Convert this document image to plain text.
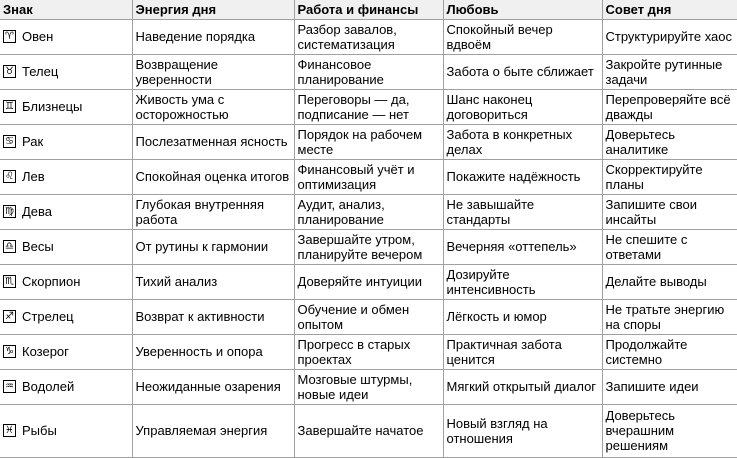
Знак	Энергия дня	Работа и финансы	Любовь	Совет дня
♈ Овен	Наведение порядка	Разбор завалов, систематизация	Спокойный вечер вдвоём	Структурируйте хаос
♉ Телец	Возвращение уверенности	Финансовое планирование	Забота о быте сближает	Закройте рутинные задачи
♊ Близнецы	Живость ума с осторожностью	Переговоры — да, подписание — нет	Шанс наконец договориться	Перепроверяйте всё дважды
♋ Рак	Послезатменная ясность	Порядок на рабочем месте	Забота в конкретных делах	Доверьтесь аналитике
♌ Лев	Спокойная оценка итогов	Финансовый учёт и оптимизация	Покажите надёжность	Скорректируйте планы
♍ Дева	Глубокая внутренняя работа	Аудит, анализ, планирование	Не завышайте стандарты	Запишите свои инсайты
♎ Весы	От рутины к гармонии	Завершайте утром, планируйте вечером	Вечерняя «оттепель»	Не спешите с ответами
♏ Скорпион	Тихий анализ	Доверяйте интуиции	Дозируйте интенсивность	Делайте выводы
♐ Стрелец	Возврат к активности	Обучение и обмен опытом	Лёгкость и юмор	Не тратьте энергию на споры
♑ Козерог	Уверенность и опора	Прогресс в старых проектах	Практичная забота ценится	Продолжайте системно
♒ Водолей	Неожиданные озарения	Мозговые штурмы, новые идеи	Мягкий открытый диалог	Запишите идеи
♓ Рыбы	Управляемая энергия	Завершайте начатое	Новый взгляд на отношения	Доверьтесь вчерашним решениям
